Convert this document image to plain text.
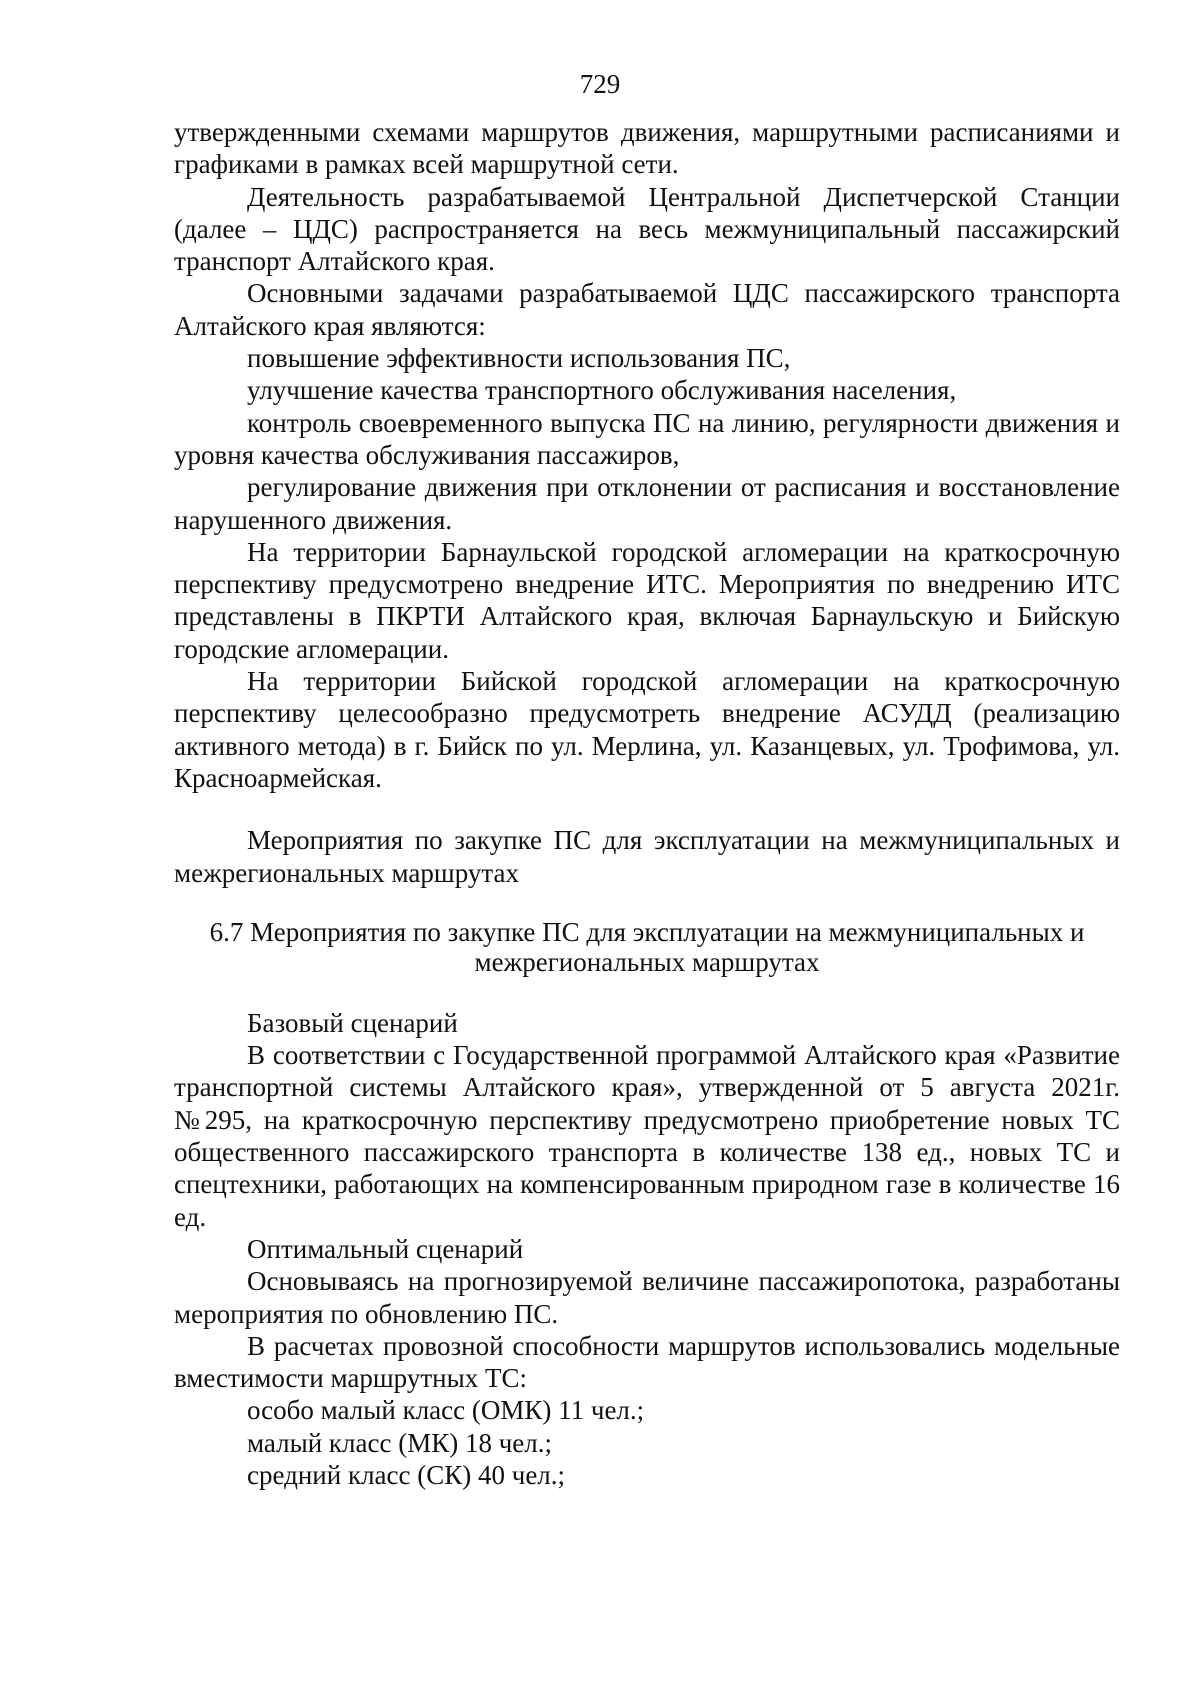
729

утвержденными схемами маршрутов движения, маршрутными расписаниями и графиками в рамках всей маршрутной сети.

Деятельность разрабатываемой Центральной Диспетчерской Станции (далее – ЦДС) распространяется на весь межмуниципальный пассажирский транспорт Алтайского края.

Основными задачами разрабатываемой ЦДС пассажирского транспорта Алтайского края являются:

повышение эффективности использования ПС,

улучшение качества транспортного обслуживания населения,

контроль своевременного выпуска ПС на линию, регулярности движения и уровня качества обслуживания пассажиров,

регулирование движения при отклонении от расписания и восстановление нарушенного движения.

На территории Барнаульской городской агломерации на краткосрочную перспективу предусмотрено внедрение ИТС. Мероприятия по внедрению ИТС представлены в ПКРТИ Алтайского края, включая Барнаульскую и Бийскую городские агломерации.

На территории Бийской городской агломерации на краткосрочную перспективу целесообразно предусмотреть внедрение АСУДД (реализацию активного метода) в г. Бийск по ул. Мерлина, ул. Казанцевых, ул. Трофимова, ул. Красноармейская.

Мероприятия по закупке ПС для эксплуатации на межмуниципальных и межрегиональных маршрутах

6.7 Мероприятия по закупке ПС для эксплуатации на межмуниципальных и межрегиональных маршрутах

Базовый сценарий

В соответствии с Государственной программой Алтайского края «Развитие транспортной системы Алтайского края», утвержденной от 5 августа 2021г. №295, на краткосрочную перспективу предусмотрено приобретение новых ТС общественного пассажирского транспорта в количестве 138 ед., новых ТС и спецтехники, работающих на компенсированным природном газе в количестве 16 ед.

Оптимальный сценарий

Основываясь на прогнозируемой величине пассажиропотока, разработаны мероприятия по обновлению ПС.

В расчетах провозной способности маршрутов использовались модельные вместимости маршрутных ТС:

особо малый класс (ОМК) 11 чел.;

малый класс (МК) 18 чел.;

средний класс (СК) 40 чел.;
